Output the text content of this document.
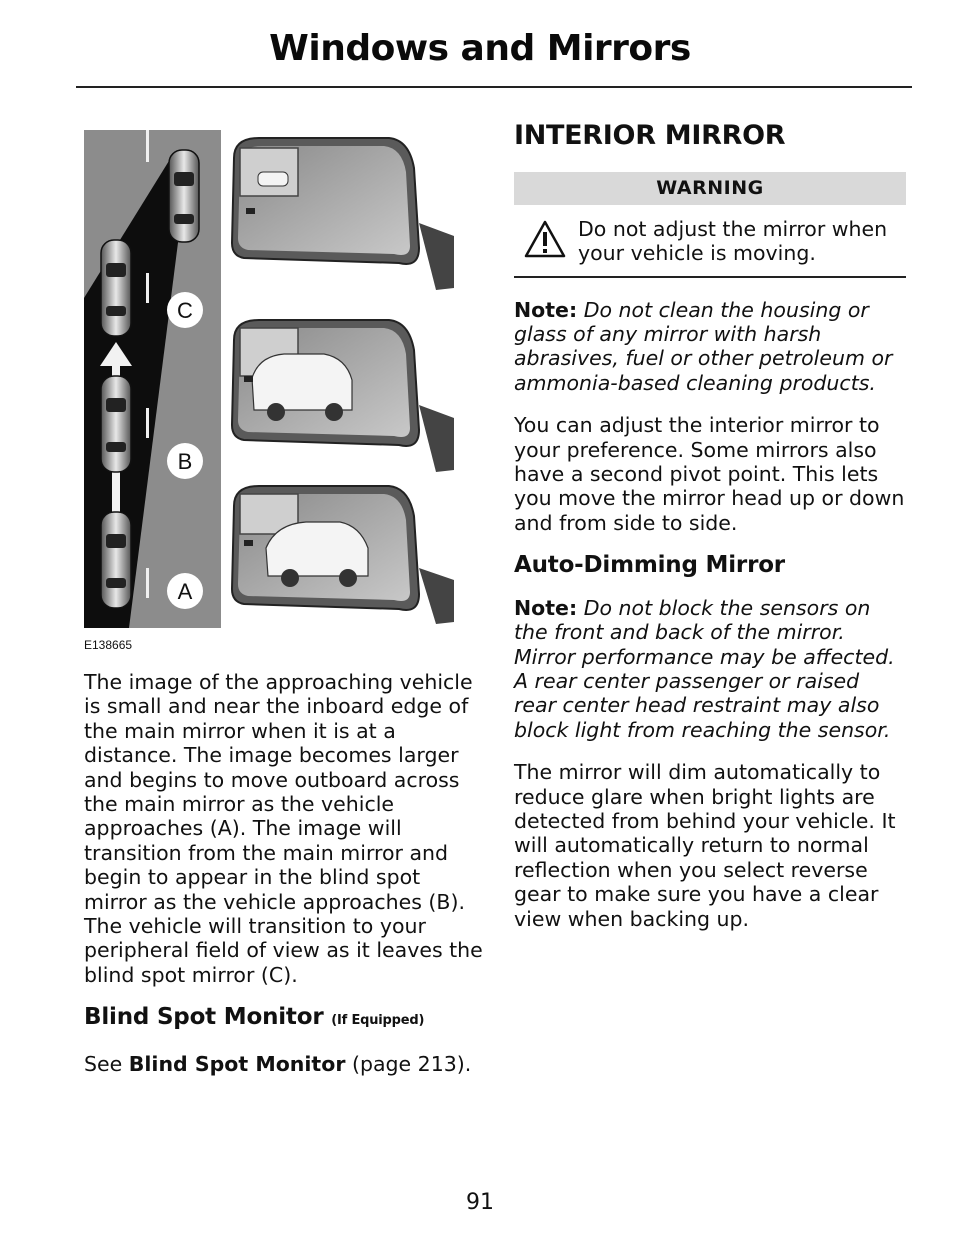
Windows and Mirrors
C
B
A
E138665

The image of the approaching vehicle is small and near the inboard edge of the main mirror when it is at a distance. The image becomes larger and begins to move outboard across the main mirror as the vehicle approaches (A). The image will transition from the main mirror and begin to appear in the blind spot mirror as the vehicle approaches (B). The vehicle will transition to your peripheral field of view as it leaves the blind spot mirror (C).

Blind Spot Monitor (If Equipped)

See Blind Spot Monitor (page 213).

INTERIOR MIRROR
WARNING
Do not adjust the mirror when your vehicle is moving.

Note: Do not clean the housing or glass of any mirror with harsh abrasives, fuel or other petroleum or ammonia-based cleaning products.

You can adjust the interior mirror to your preference. Some mirrors also have a second pivot point. This lets you move the mirror head up or down and from side to side.

Auto-Dimming Mirror

Note: Do not block the sensors on the front and back of the mirror. Mirror performance may be affected. A rear center passenger or raised rear center head restraint may also block light from reaching the sensor.

The mirror will dim automatically to reduce glare when bright lights are detected from behind your vehicle. It will automatically return to normal reflection when you select reverse gear to make sure you have a clear view when backing up.

91
